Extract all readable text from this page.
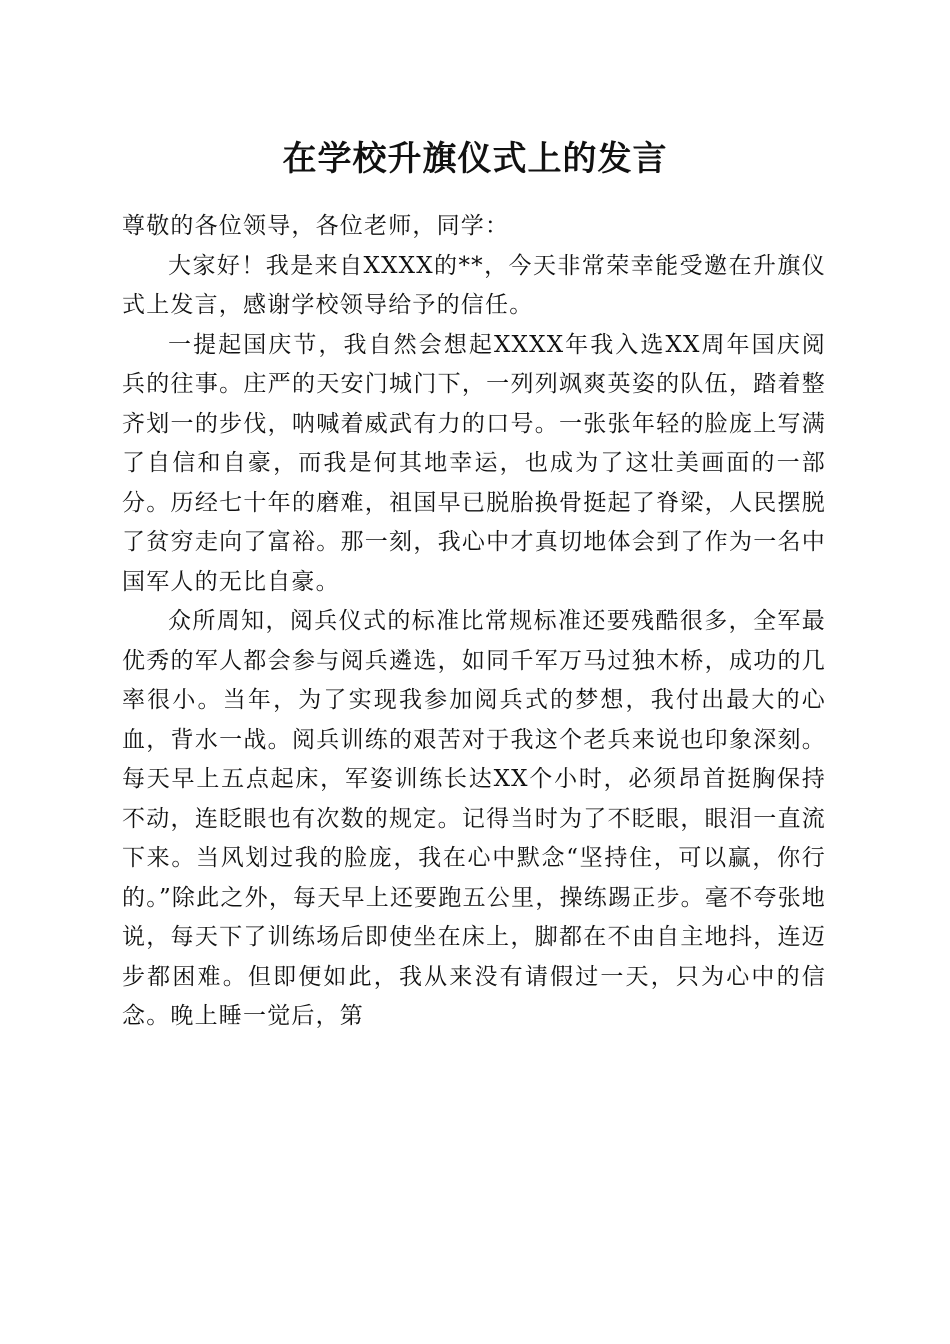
在学校升旗仪式上的发言

尊敬的各位领导，各位老师，同学：

大家好！我是来自XXXX的**，今天非常荣幸能受邀在升旗仪式上发言，感谢学校领导给予的信任。

一提起国庆节，我自然会想起XXXX年我入选XX周年国庆阅兵的往事。庄严的天安门城门下，一列列飒爽英姿的队伍，踏着整齐划一的步伐，呐喊着威武有力的口号。一张张年轻的脸庞上写满了自信和自豪，而我是何其地幸运，也成为了这壮美画面的一部分。历经七十年的磨难，祖国早已脱胎换骨挺起了脊梁，人民摆脱了贫穷走向了富裕。那一刻，我心中才真切地体会到了作为一名中国军人的无比自豪。

众所周知，阅兵仪式的标准比常规标准还要残酷很多，全军最优秀的军人都会参与阅兵遴选，如同千军万马过独木桥，成功的几率很小。当年，为了实现我参加阅兵式的梦想，我付出最大的心血，背水一战。阅兵训练的艰苦对于我这个老兵来说也印象深刻。每天早上五点起床，军姿训练长达XX个小时，必须昂首挺胸保持不动，连眨眼也有次数的规定。记得当时为了不眨眼，眼泪一直流下来。当风划过我的脸庞，我在心中默念“坚持住，可以赢，你行的。”除此之外，每天早上还要跑五公里，操练踢正步。毫不夸张地说，每天下了训练场后即使坐在床上，脚都在不由自主地抖，连迈步都困难。但即便如此，我从来没有请假过一天，只为心中的信念。晚上睡一觉后，第
